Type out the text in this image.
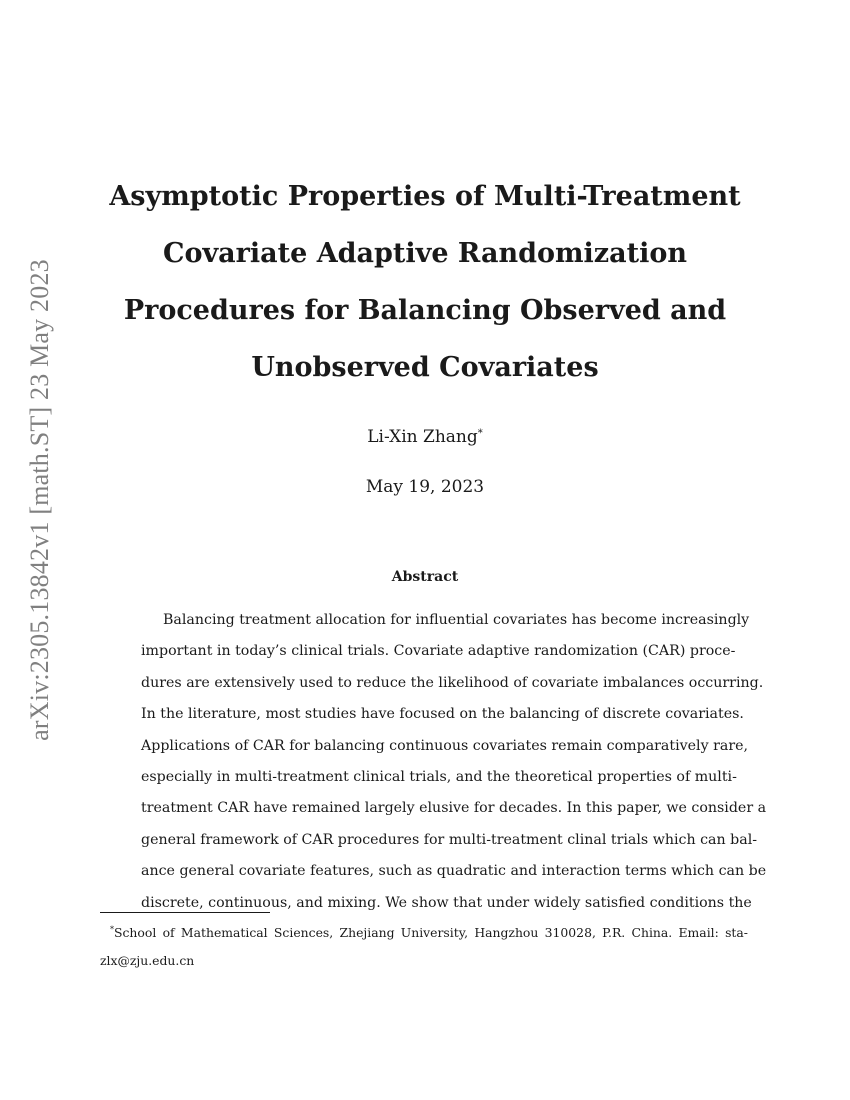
arXiv:2305.13842v1 [math.ST] 23 May 2023
Asymptotic Properties of Multi-Treatment
Covariate Adaptive Randomization
Procedures for Balancing Observed and
Unobserved Covariates
Li-Xin Zhang*
May 19, 2023
Abstract
Balancing treatment allocation for influential covariates has become increasingly
important in today’s clinical trials. Covariate adaptive randomization (CAR) proce-
dures are extensively used to reduce the likelihood of covariate imbalances occurring.
In the literature, most studies have focused on the balancing of discrete covariates.
Applications of CAR for balancing continuous covariates remain comparatively rare,
especially in multi-treatment clinical trials, and the theoretical properties of multi-
treatment CAR have remained largely elusive for decades. In this paper, we consider a
general framework of CAR procedures for multi-treatment clinal trials which can bal-
ance general covariate features, such as quadratic and interaction terms which can be
discrete, continuous, and mixing. We show that under widely satisfied conditions the
*School of Mathematical Sciences, Zhejiang University, Hangzhou 310028, P.R. China. Email: sta-
zlx@zju.edu.cn
